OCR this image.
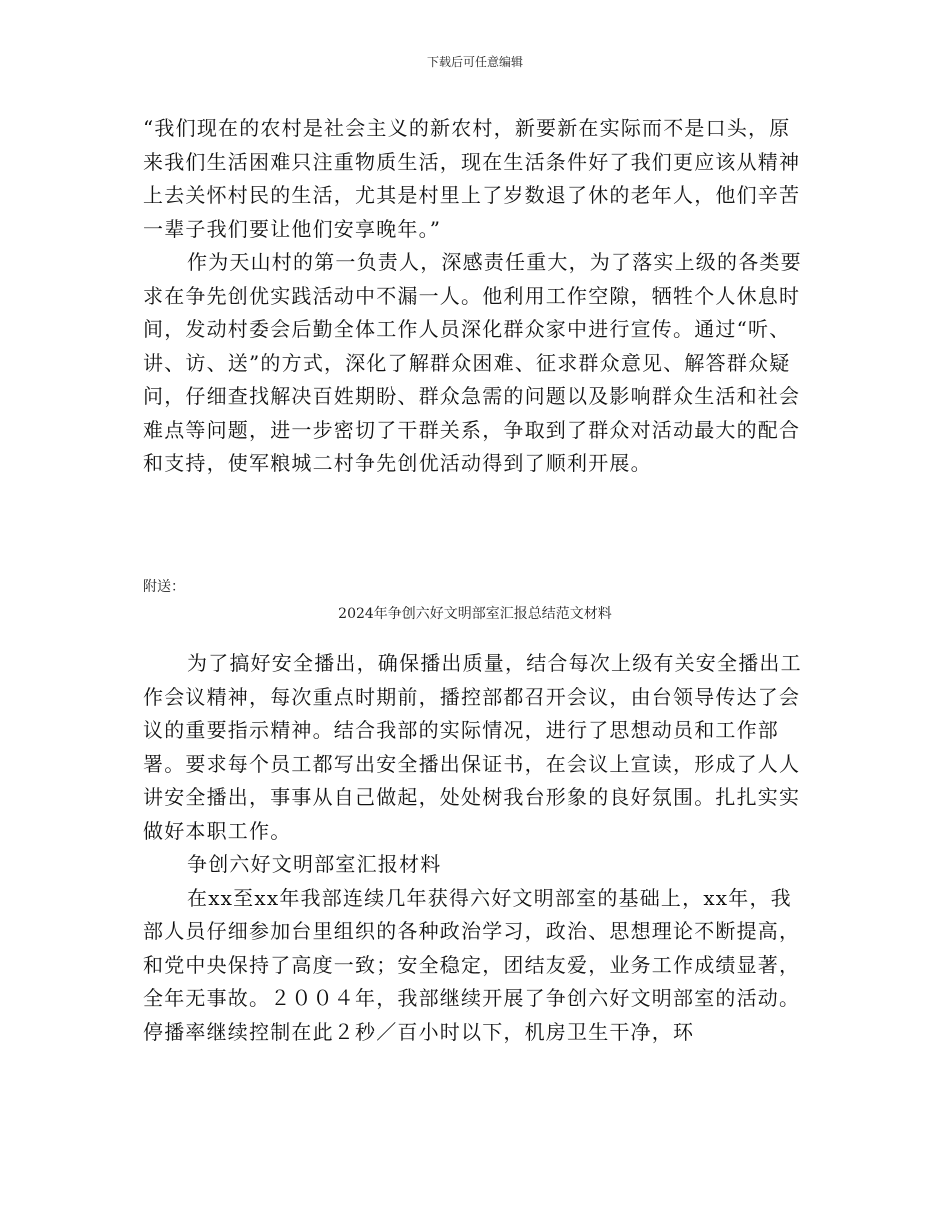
下载后可任意编辑

“我们现在的农村是社会主义的新农村，新要新在实际而不是口头，原来我们生活困难只注重物质生活，现在生活条件好了我们更应该从精神上去关怀村民的生活，尤其是村里上了岁数退了休的老年人，他们辛苦一辈子我们要让他们安享晚年。”

作为天山村的第一负责人，深感责任重大，为了落实上级的各类要求在争先创优实践活动中不漏一人。他利用工作空隙，牺牲个人休息时间，发动村委会后勤全体工作人员深化群众家中进行宣传。通过“听、讲、访、送”的方式，深化了解群众困难、征求群众意见、解答群众疑问，仔细查找解决百姓期盼、群众急需的问题以及影响群众生活和社会难点等问题，进一步密切了干群关系，争取到了群众对活动最大的配合和支持，使军粮城二村争先创优活动得到了顺利开展。

附送：
2024年争创六好文明部室汇报总结范文材料

为了搞好安全播出，确保播出质量，结合每次上级有关安全播出工作会议精神，每次重点时期前，播控部都召开会议，由台领导传达了会议的重要指示精神。结合我部的实际情况，进行了思想动员和工作部署。要求每个员工都写出安全播出保证书，在会议上宣读，形成了人人讲安全播出，事事从自己做起，处处树我台形象的良好氛围。扎扎实实做好本职工作。

争创六好文明部室汇报材料

在xx至xx年我部连续几年获得六好文明部室的基础上，xx年，我部人员仔细参加台里组织的各种政治学习，政治、思想理论不断提高，和党中央保持了高度一致；安全稳定，团结友爱，业务工作成绩显著，全年无事故。２００４年，我部继续开展了争创六好文明部室的活动。停播率继续控制在此２秒／百小时以下，机房卫生干净，环
